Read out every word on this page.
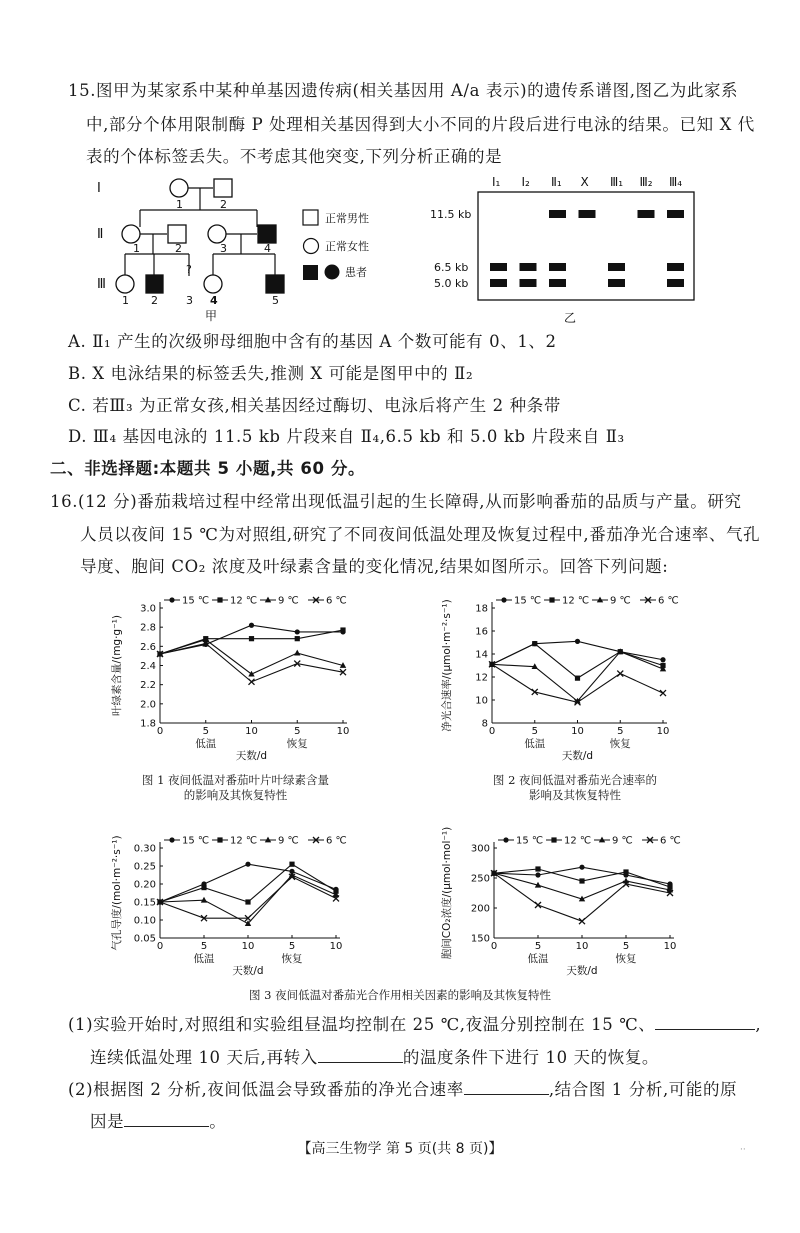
15.图甲为某家系中某种单基因遗传病(相关基因用 A/a 表示)的遗传系谱图,图乙为此家系
中,部分个体用限制酶 P 处理相关基因得到大小不同的片段后进行电泳的结果。已知 X 代
表的个体标签丢失。不考虑其他突变,下列分析正确的是
Ⅰ
Ⅱ
Ⅲ
1	2
1	2	3	4
1 2
?
3 4	5
正常男性
正常女性
患者
甲
Ⅰ₁ Ⅰ₂ Ⅱ₁ X Ⅲ₁ Ⅲ₂ Ⅲ₄
11.5 kb
6.5 kb
5.0 kb
乙
A. Ⅱ₁ 产生的次级卵母细胞中含有的基因 A 个数可能有 0、1、2
B. X 电泳结果的标签丢失,推测 X 可能是图甲中的 Ⅱ₂
C. 若Ⅲ₃ 为正常女孩,相关基因经过酶切、电泳后将产生 2 种条带
D. Ⅲ₄ 基因电泳的 11.5 kb 片段来自 Ⅱ₄,6.5 kb 和 5.0 kb 片段来自 Ⅱ₃
二、非选择题:本题共 5 小题,共 60 分。
16.(12 分)番茄栽培过程中经常出现低温引起的生长障碍,从而影响番茄的品质与产量。研究
人员以夜间 15 ℃为对照组,研究了不同夜间低温处理及恢复过程中,番茄净光合速率、气孔
导度、胞间 CO₂ 浓度及叶绿素含量的变化情况,结果如图所示。回答下列问题:
1.8
2.0
2.2
2.4
2.6
2.8
3.0
0	5	10	5	10
低温	恢复
天数/d
叶绿素含量/(mg·g⁻¹)
15 ℃ 12 ℃ 9 ℃	6 ℃
图 1 夜间低温对番茄叶片叶绿素含量
的影响及其恢复特性
8
10
12
14
16
18
0	5	10	5	10
低温	恢复
天数/d
净光合速率/(μmol·m⁻²·s⁻¹)	15 ℃ 12 ℃ 9 ℃	6 ℃
图 2 夜间低温对番茄光合速率的
影响及其恢复特性
0.05
0.10
0.15
0.20
0.25
0.30
0	5	10	5	10
低温	恢复
天数/d
气孔导度/(mol·m⁻²·s⁻¹)	15 ℃ 12 ℃ 9 ℃	6 ℃
150
200
250
300
0	5	10	5	10
低温	恢复
天数/d
胞间CO₂浓度/(μmol·mol⁻¹)	15 ℃ 12 ℃ 9 ℃	6 ℃
图 3 夜间低温对番茄光合作用相关因素的影响及其恢复特性
(1)实验开始时,对照组和实验组昼温均控制在 25 ℃,夜温分别控制在 15 ℃、	,
连续低温处理 10 天后,再转入	的温度条件下进行 10 天的恢复。
(2)根据图 2 分析,夜间低温会导致番茄的净光合速率	,结合图 1 分析,可能的原
因是	。
【高三生物学 第 5 页(共 8 页)】	··
